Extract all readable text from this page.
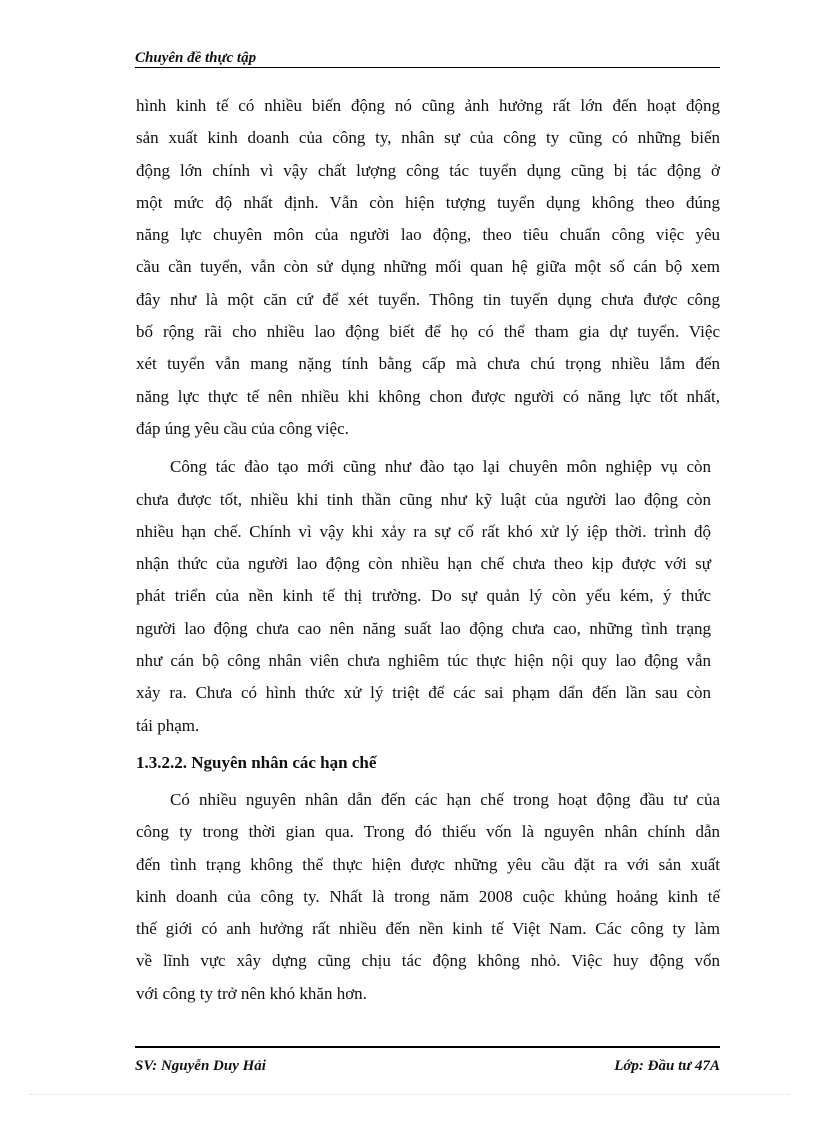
Chuyên đề thực tập
hình kinh tế có nhiều biến động nó cũng ảnh hưởng rất lớn đến hoạt động
sản xuất kinh doanh của công ty, nhân sự của công ty cũng có những biến
động lớn chính vì vậy chất lượng công tác tuyển dụng cũng bị tác động ở
một mức độ nhất định. Vẫn còn hiện tượng tuyển dụng không theo đúng
năng lực chuyên môn của người lao động, theo tiêu chuẩn công việc yêu
cầu cần tuyển, vẫn còn sử dụng những mối quan hệ giữa một số cán bộ xem
đây như là một căn cứ để xét tuyển. Thông tin tuyển dụng chưa được công
bố rộng rãi cho nhiều lao động biết để họ có thể tham gia dự tuyển. Việc
xét tuyển vẫn mang nặng tính bằng cấp mà chưa chú trọng nhiều lắm đến
năng lực thực tế nên nhiều khi không chon được người có năng lực tốt nhất,
đáp úng yêu cầu của công việc.
Công tác đào tạo mới cũng như đào tạo lại chuyên môn nghiệp vụ còn
chưa được tốt, nhiều khi tinh thần cũng như kỹ luật của người lao động còn
nhiều hạn chế. Chính vì vậy khi xảy ra sự cố rất khó xử lý iệp thời. trình độ
nhận thức của người lao động còn nhiều hạn chế chưa theo kịp được với sự
phát triển của nền kinh tế thị trường. Do sự quản lý còn yếu kém, ý thức
người lao động chưa cao nên năng suất lao động chưa cao, những tình trạng
như cán bộ công nhân viên chưa nghiêm túc thực hiện nội quy lao động vẫn
xảy ra. Chưa có hình thức xử lý triệt để các sai phạm dẩn đến lần sau còn
tái phạm.
1.3.2.2. Nguyên nhân các hạn chế
Có nhiều nguyên nhân dẫn đến các hạn chế trong hoạt động đầu tư của
công ty trong thời gian qua. Trong đó thiếu vốn là nguyên nhân chính dẫn
đến tình trạng không thể thực hiện được những yêu cầu đặt ra với sản xuất
kinh doanh của công ty. Nhất là trong năm 2008 cuộc khủng hoảng kinh tế
thế giới có anh hưởng rất nhiều đến nền kinh tế Việt Nam. Các công ty làm
về lĩnh vực xây dựng cũng chịu tác động không nhỏ. Việc huy động vốn
với công ty trở nên khó khăn hơn.
SV: Nguyễn Duy Hải	Lớp: Đầu tư 47A
